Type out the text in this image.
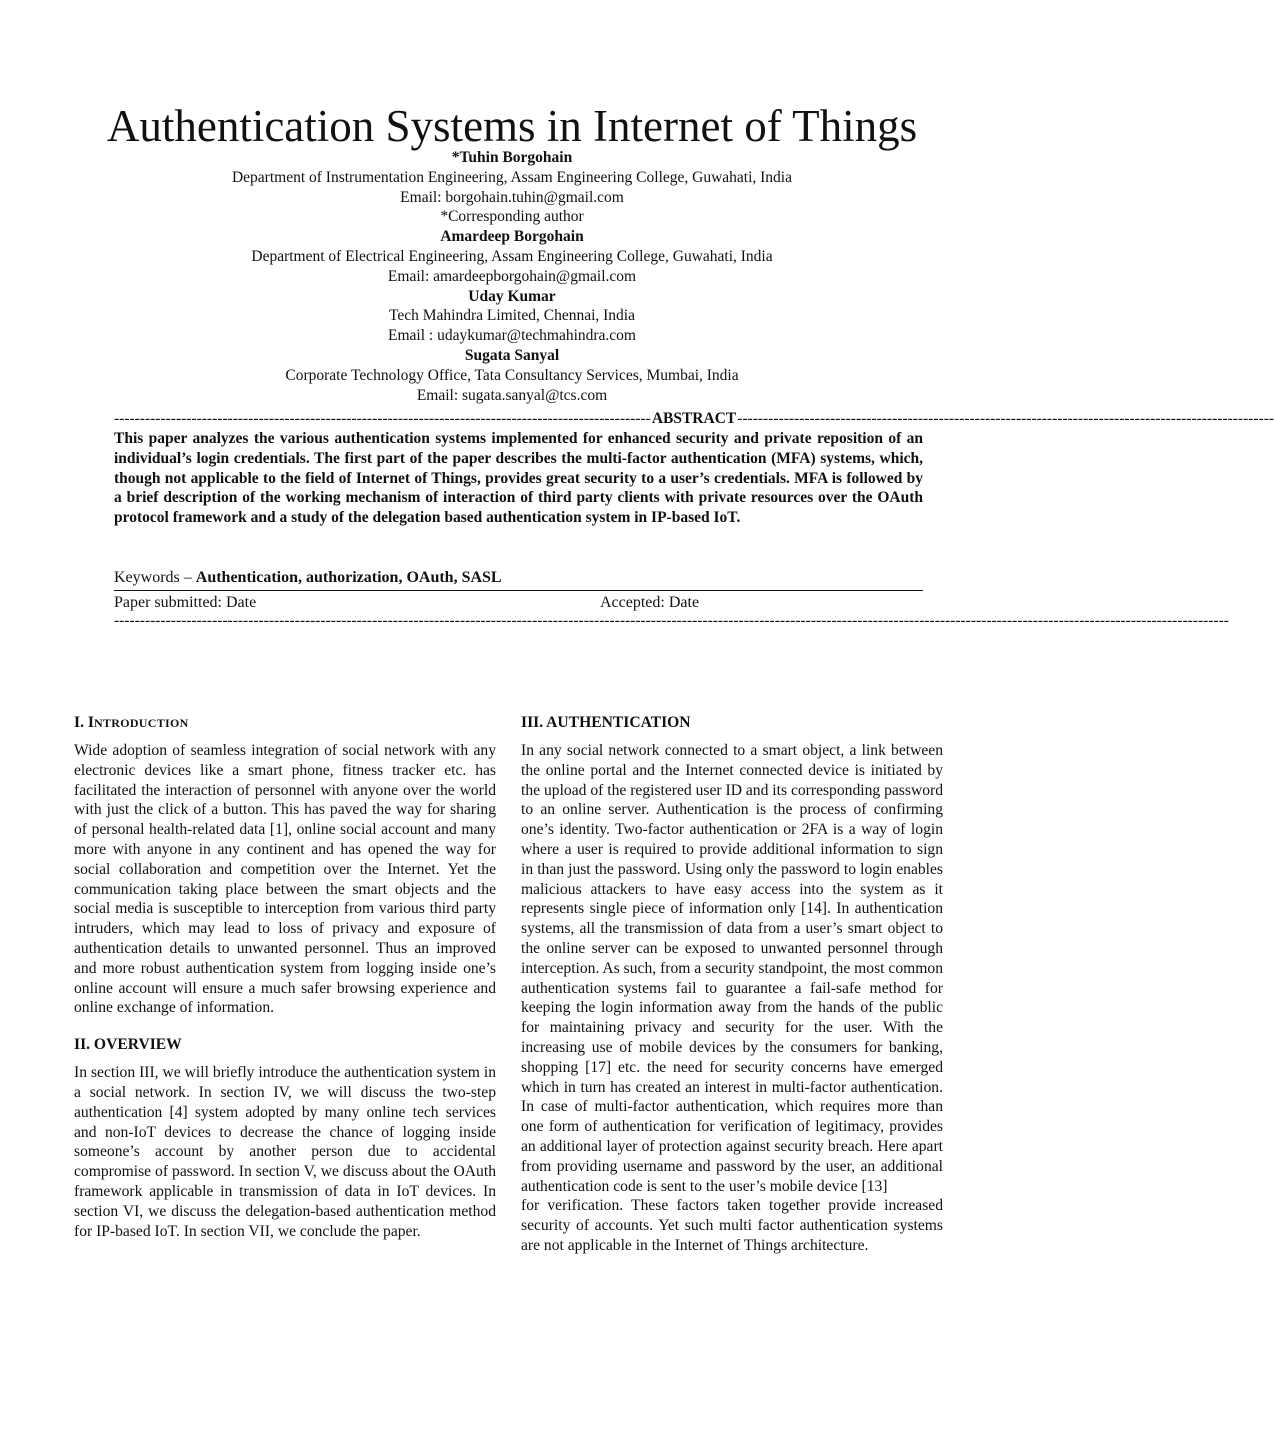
Authentication Systems in Internet of Things
*Tuhin Borgohain
Department of Instrumentation Engineering, Assam Engineering College, Guwahati, India
Email: borgohain.tuhin@gmail.com
*Corresponding author
Amardeep Borgohain
Department of Electrical Engineering, Assam Engineering College, Guwahati, India
Email: amardeepborgohain@gmail.com
Uday Kumar
Tech Mahindra Limited, Chennai, India
Email : udaykumar@techmahindra.com
Sugata Sanyal
Corporate Technology Office, Tata Consultancy Services, Mumbai, India
Email: sugata.sanyal@tcs.com
-------------------------------------------------------------------------------------------------------- ABSTRACT --------------------------------------------------------------------------------------------------------

This paper analyzes the various authentication systems implemented for enhanced security and private reposition of an individual’s login credentials. The first part of the paper describes the multi-factor authentication (MFA) systems, which, though not applicable to the field of Internet of Things, provides great security to a user’s credentials. MFA is followed by a brief description of the working mechanism of interaction of third party clients with private resources over the OAuth protocol framework and a study of the delegation based authentication system in IP-based IoT.

Keywords – Authentication, authorization, OAuth, SASL
Paper submitted: Date	Accepted: Date
------------------------------------------------------------------------------------------------------------------------------------------------------------------------------------------------------------------------
I. INTRODUCTION

Wide adoption of seamless integration of social network with any electronic devices like a smart phone, fitness tracker etc. has facilitated the interaction of personnel with anyone over the world with just the click of a button. This has paved the way for sharing of personal health-related data [1], online social account and many more with anyone in any continent and has opened the way for social collaboration and competition over the Internet. Yet the communication taking place between the smart objects and the social media is susceptible to interception from various third party intruders, which may lead to loss of privacy and exposure of authentication details to unwanted personnel. Thus an improved and more robust authentication system from logging inside one’s online account will ensure a much safer browsing experience and online exchange of information.

II. OVERVIEW

In section III, we will briefly introduce the authentication system in a social network. In section IV, we will discuss the two-step authentication [4] system adopted by many online tech services and non-IoT devices to decrease the chance of logging inside someone’s account by another person due to accidental compromise of password. In section V, we discuss about the OAuth framework applicable in transmission of data in IoT devices. In section VI, we discuss the delegation-based authentication method for IP-based IoT. In section VII, we conclude the paper.

III. AUTHENTICATION

In any social network connected to a smart object, a link between the online portal and the Internet connected device is initiated by the upload of the registered user ID and its corresponding password to an online server. Authentication is the process of confirming one’s identity. Two-factor authentication or 2FA is a way of login where a user is required to provide additional information to sign in than just the password. Using only the password to login enables malicious attackers to have easy access into the system as it represents single piece of information only [14]. In authentication systems, all the transmission of data from a user’s smart object to the online server can be exposed to unwanted personnel through interception. As such, from a security standpoint, the most common authentication systems fail to guarantee a fail-safe method for keeping the login information away from the hands of the public for maintaining privacy and security for the user. With the increasing use of mobile devices by the consumers for banking, shopping [17] etc. the need for security concerns have emerged which in turn has created an interest in multi-factor authentication. In case of multi-factor authentication, which requires more than one form of authentication for verification of legitimacy, provides an additional layer of protection against security breach. Here apart from providing username and password by the user, an additional authentication code is sent to the user’s mobile device [13]

for verification. These factors taken together provide increased security of accounts. Yet such multi factor authentication systems are not applicable in the Internet of Things architecture.
